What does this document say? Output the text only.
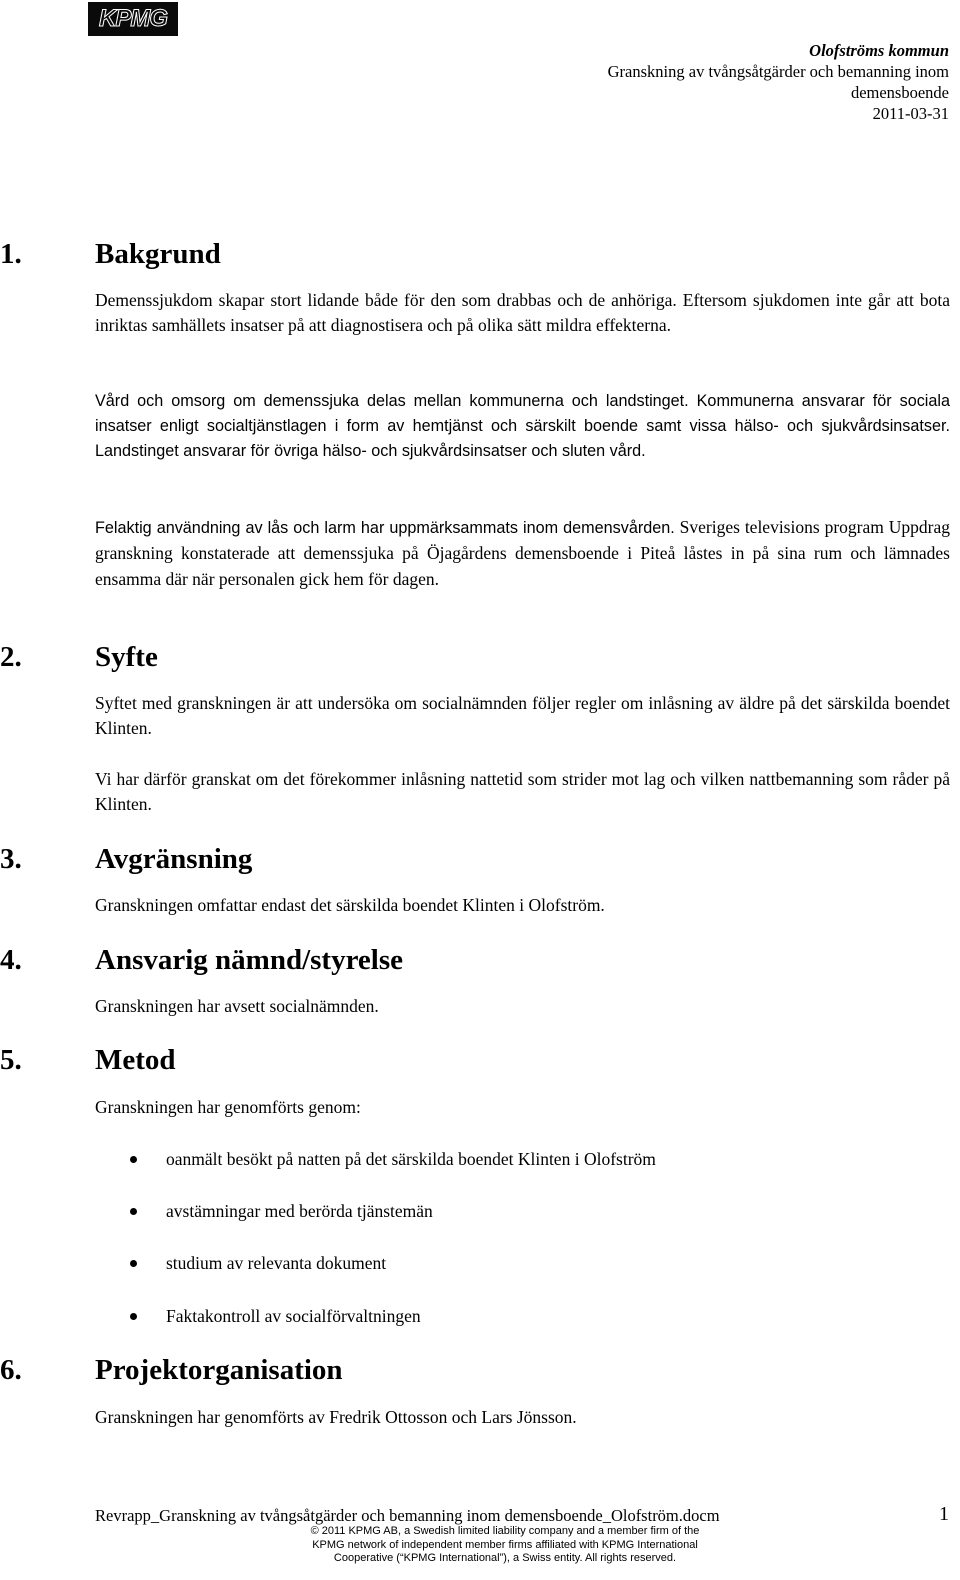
KPMG
Olofströms kommun
Granskning av tvångsåtgärder och bemanning inom
demensboende
2011-03-31
1.	Bakgrund

Demenssjukdom skapar stort lidande både för den som drabbas och de anhöriga. Eftersom sjukdomen inte går att bota inriktas samhällets insatser på att diagnostisera och på olika sätt mildra effekterna.

Vård och omsorg om demenssjuka delas mellan kommunerna och landstinget. Kommunerna ansvarar för sociala insatser enligt socialtjänstlagen i form av hemtjänst och särskilt boende samt vissa hälso- och sjukvårdsinsatser. Landstinget ansvarar för övriga hälso- och sjukvårdsinsatser och sluten vård.

Felaktig användning av lås och larm har uppmärksammats inom demensvården. Sveriges televisions program Uppdrag granskning konstaterade att demenssjuka på Öjagårdens demensboende i Piteå låstes in på sina rum och lämnades ensamma där när personalen gick hem för dagen.

2.	Syfte

Syftet med granskningen är att undersöka om socialnämnden följer regler om inlåsning av äldre på det särskilda boendet Klinten.

Vi har därför granskat om det förekommer inlåsning nattetid som strider mot lag och vilken nattbemanning som råder på Klinten.

3.	Avgränsning

Granskningen omfattar endast det särskilda boendet Klinten i Olofström.

4.	Ansvarig nämnd/styrelse

Granskningen har avsett socialnämnden.

5.	Metod

Granskningen har genomförts genom:

oanmält besökt på natten på det särskilda boendet Klinten i Olofström
avstämningar med berörda tjänstemän
studium av relevanta dokument
Faktakontroll av socialförvaltningen
6.	Projektorganisation

Granskningen har genomförts av Fredrik Ottosson och Lars Jönsson.

Revrapp_Granskning av tvångsåtgärder och bemanning inom demensboende_Olofström.docm	1
© 2011 KPMG AB, a Swedish limited liability company and a member firm of the
KPMG network of independent member firms affiliated with KPMG International
Cooperative (“KPMG International”), a Swiss entity. All rights reserved.
